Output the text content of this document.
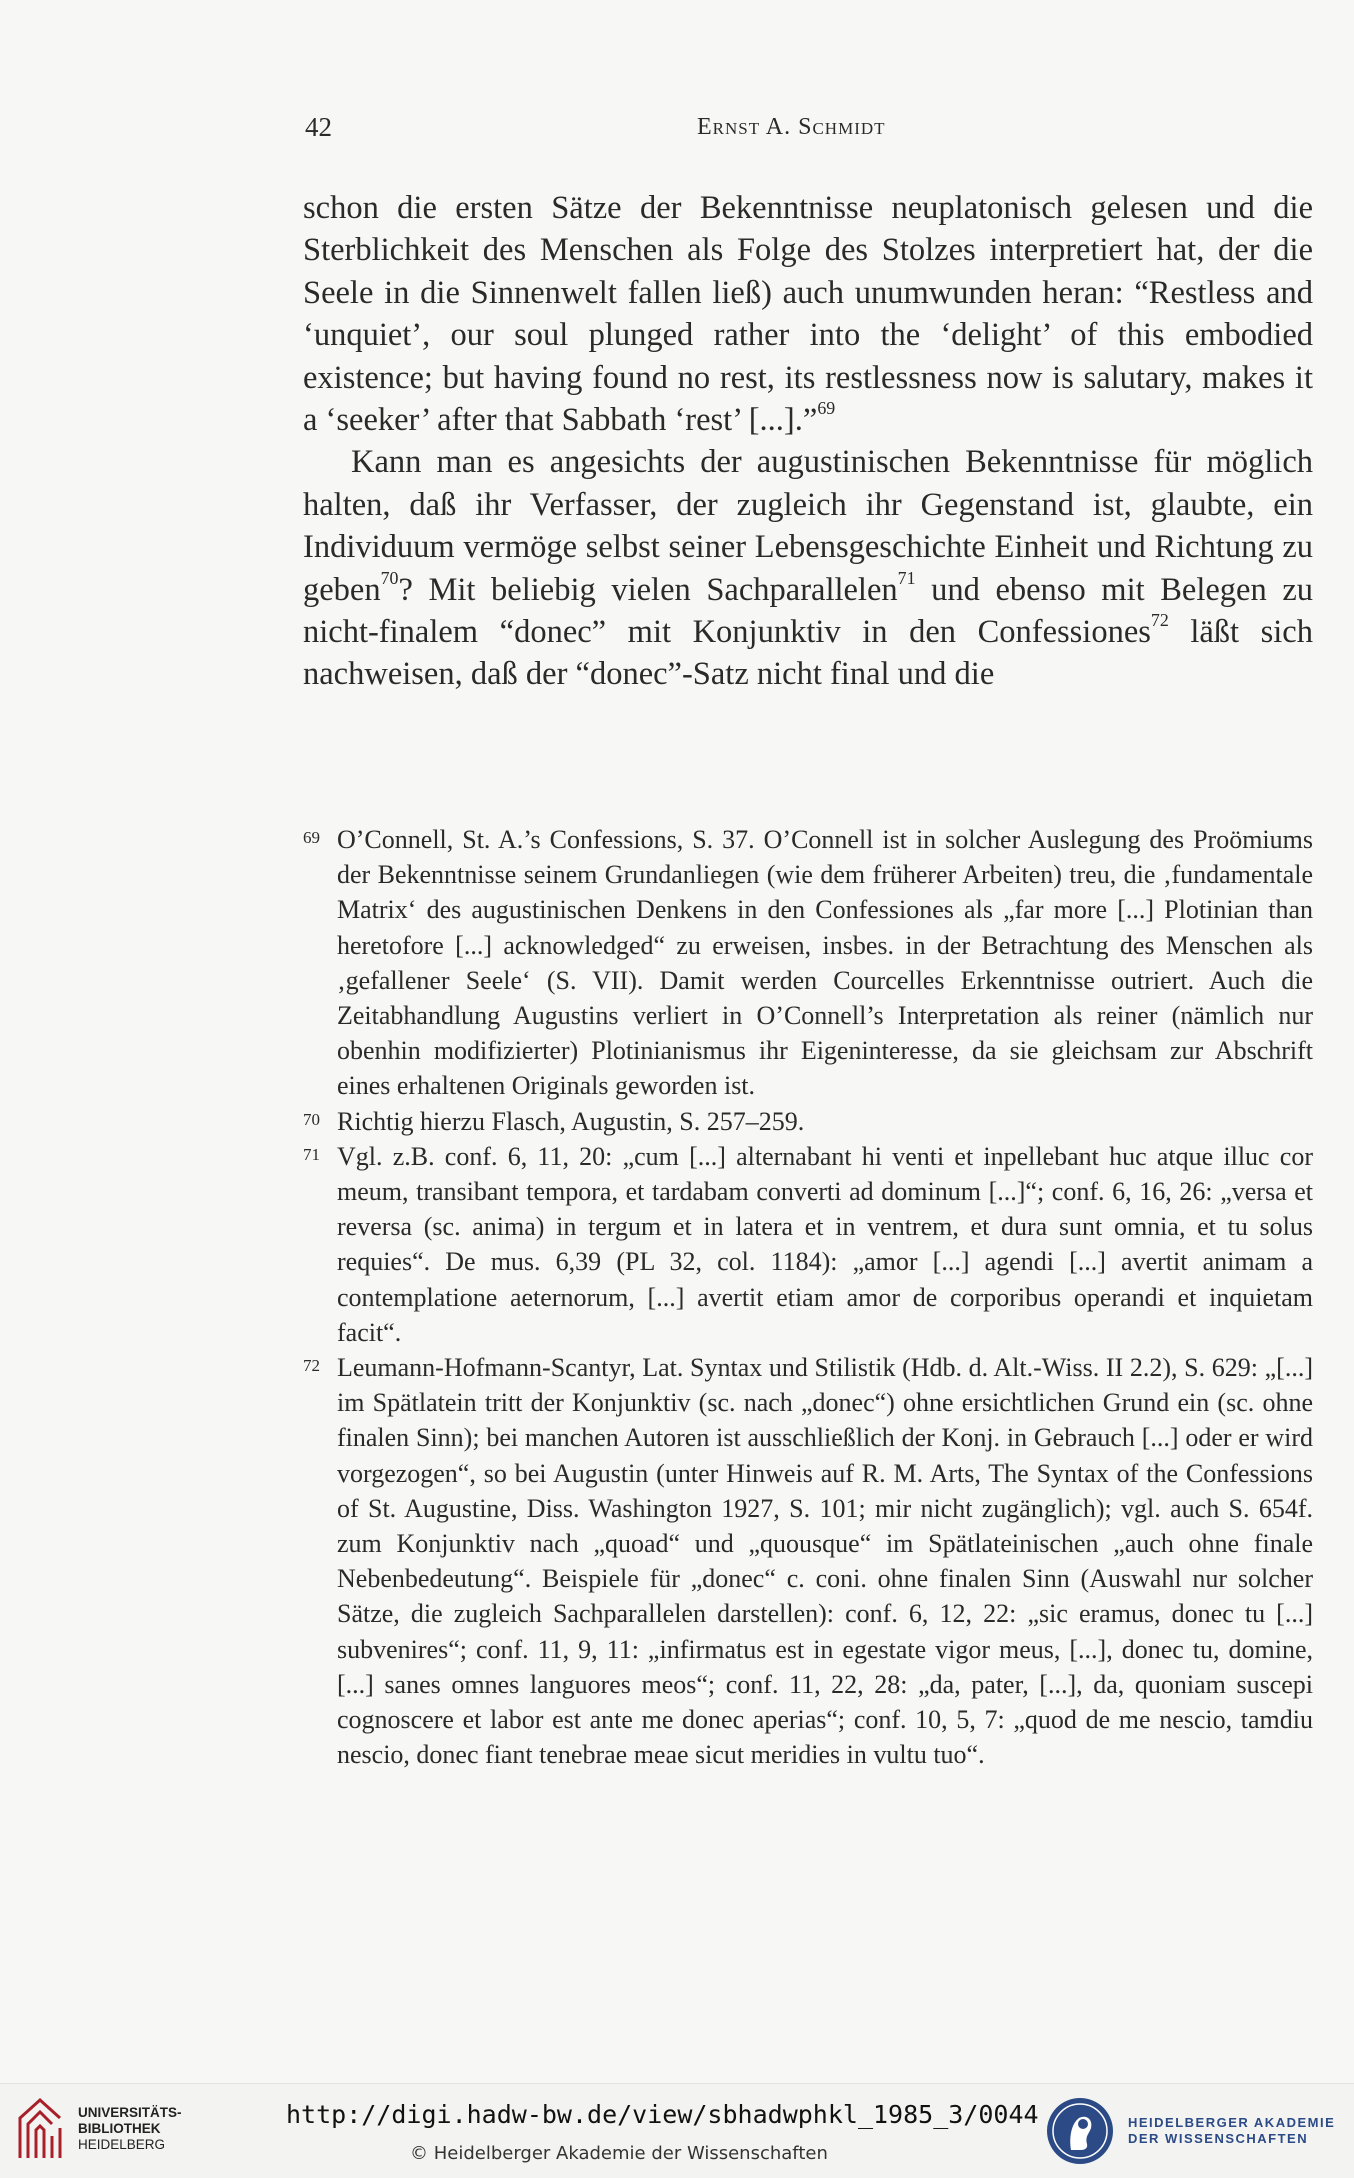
42	Ernst A. Schmidt

schon die ersten Sätze der Bekenntnisse neuplatonisch gelesen und die Sterblichkeit des Menschen als Folge des Stolzes interpretiert hat, der die Seele in die Sinnenwelt fallen ließ) auch unumwunden heran: “Restless and ‘unquiet’, our soul plunged rather into the ‘delight’ of this embodied existence; but having found no rest, its restlessness now is salutary, makes it a ‘seeker’ after that Sabbath ‘rest’ [...].”$^{69}$

Kann man es angesichts der augustinischen Bekenntnisse für möglich halten, daß ihr Verfasser, der zugleich ihr Gegenstand ist, glaubte, ein Individuum vermöge selbst seiner Lebensgeschichte Einheit und Richtung zu geben$^{70}$? Mit beliebig vielen Sachparallelen$^{71}$ und ebenso mit Belegen zu nicht-finalem “donec” mit Konjunktiv in den Confessiones$^{72}$ läßt sich nachweisen, daß der “donec”-Satz nicht final und die

69 O’Connell, St. A.’s Confessions, S. 37. O’Connell ist in solcher Auslegung des Proömiums der Bekenntnisse seinem Grundanliegen (wie dem früherer Arbeiten) treu, die ‚fundamentale Matrix‘ des augustinischen Denkens in den Confessiones als „far more [...] Plotinian than heretofore [...] acknowledged“ zu erweisen, insbes. in der Betrachtung des Menschen als ‚gefallener Seele‘ (S. VII). Damit werden Courcelles Erkenntnisse outriert. Auch die Zeitabhandlung Augustins verliert in O’Connell’s Interpretation als reiner (nämlich nur obenhin modifizierter) Plotinianismus ihr Eigeninteresse, da sie gleichsam zur Abschrift eines erhaltenen Originals geworden ist.

70 Richtig hierzu Flasch, Augustin, S. 257–259.

71 Vgl. z.B. conf. 6, 11, 20: „cum [...] alternabant hi venti et inpellebant huc atque illuc cor meum, transibant tempora, et tardabam converti ad dominum [...]“; conf. 6, 16, 26: „versa et reversa (sc. anima) in tergum et in latera et in ventrem, et dura sunt omnia, et tu solus requies“. De mus. 6,39 (PL 32, col. 1184): „amor [...] agendi [...] avertit animam a contemplatione aeternorum, [...] avertit etiam amor de corporibus operandi et inquietam facit“.

72 Leumann-Hofmann-Scantyr, Lat. Syntax und Stilistik (Hdb. d. Alt.-Wiss. II 2.2), S. 629: „[...] im Spätlatein tritt der Konjunktiv (sc. nach „donec“) ohne ersichtlichen Grund ein (sc. ohne finalen Sinn); bei manchen Autoren ist ausschließlich der Konj. in Gebrauch [...] oder er wird vorgezogen“, so bei Augustin (unter Hinweis auf R. M. Arts, The Syntax of the Confessions of St. Augustine, Diss. Washington 1927, S. 101; mir nicht zugänglich); vgl. auch S. 654f. zum Konjunktiv nach „quoad“ und „quousque“ im Spätlateinischen „auch ohne finale Nebenbedeutung“. Beispiele für „donec“ c. coni. ohne finalen Sinn (Auswahl nur solcher Sätze, die zugleich Sachparallelen darstellen): conf. 6, 12, 22: „sic eramus, donec tu [...] subvenires“; conf. 11, 9, 11: „infirmatus est in egestate vigor meus, [...], donec tu, domine, [...] sanes omnes languores meos“; conf. 11, 22, 28: „da, pater, [...], da, quoniam suscepi cognoscere et labor est ante me donec aperias“; conf. 10, 5, 7: „quod de me nescio, tamdiu nescio, donec fiant tenebrae meae sicut meridies in vultu tuo“.

UNIVERSITÄTS-
BIBLIOTHEK
HEIDELBERG
http://digi.hadw-bw.de/view/sbhadwphkl_1985_3/0044
© Heidelberger Akademie der Wissenschaften
HEIDELBERGER AKADEMIE
DER WISSENSCHAFTEN
